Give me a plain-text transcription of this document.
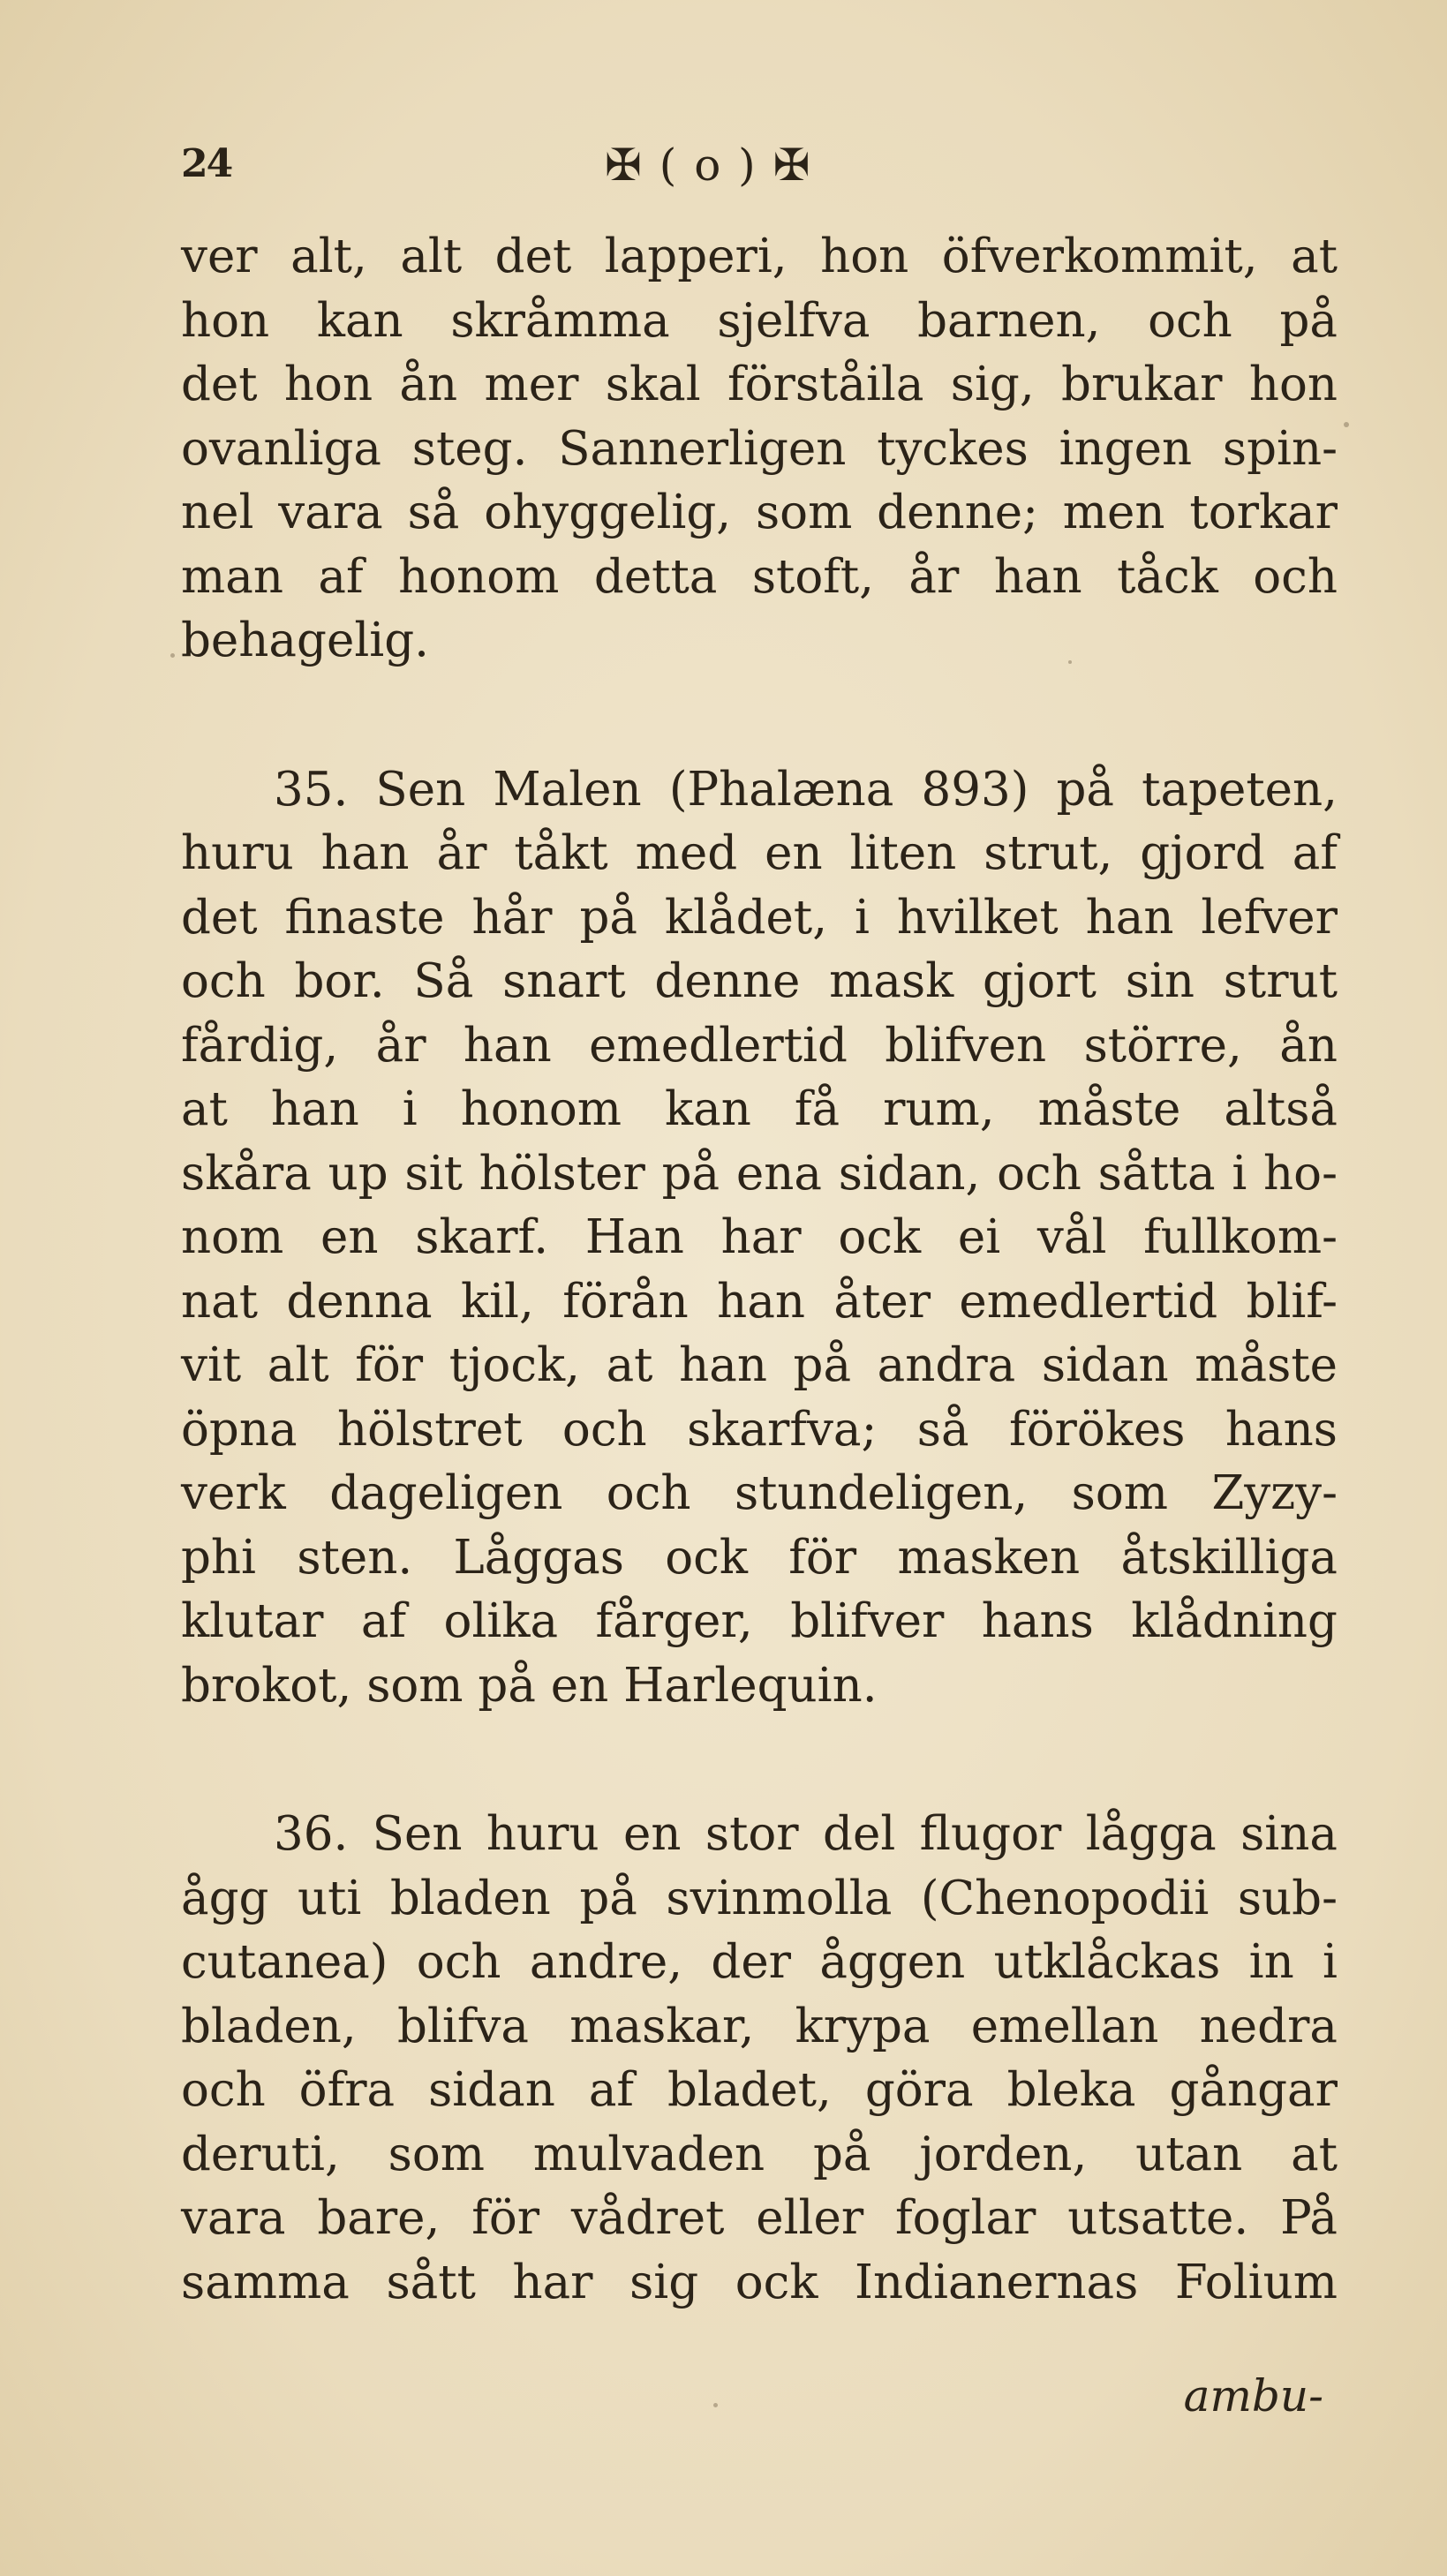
24	✠ ( o ) ✠
ver alt, alt det lapperi, hon öfverkommit, at
hon kan skråmma sjelfva barnen, och på
det hon ån mer skal förståila sig, brukar hon
ovanliga steg. Sannerligen tyckes ingen spin-
nel vara så ohyggelig, som denne; men torkar
man af honom detta stoft, år han tåck och
behagelig.
35. Sen Malen (Phalæna 893) på tapeten,
huru han år tåkt med en liten strut, gjord af
det finaste hår på klådet, i hvilket han lefver
och bor. Så snart denne mask gjort sin strut
fårdig, år han emedlertid blifven större, ån
at han i honom kan få rum, måste altså
skåra up sit hölster på ena sidan, och såtta i ho-
nom en skarf. Han har ock ei vål fullkom-
nat denna kil, förån han åter emedlertid blif-
vit alt för tjock, at han på andra sidan måste
öpna hölstret och skarfva; så förökes hans
verk dageligen och stundeligen, som Zyzy-
phi sten. Låggas ock för masken åtskilliga
klutar af olika fårger, blifver hans klådning
brokot, som på en Harlequin.
36. Sen huru en stor del flugor lågga sina
ågg uti bladen på svinmolla (Chenopodii sub-
cutanea) och andre, der åggen utklåckas in i
bladen, blifva maskar, krypa emellan nedra
och öfra sidan af bladet, göra bleka gångar
deruti, som mulvaden på jorden, utan at
vara bare, för vådret eller foglar utsatte. På
samma sått har sig ock Indianernas Folium
ambu-
